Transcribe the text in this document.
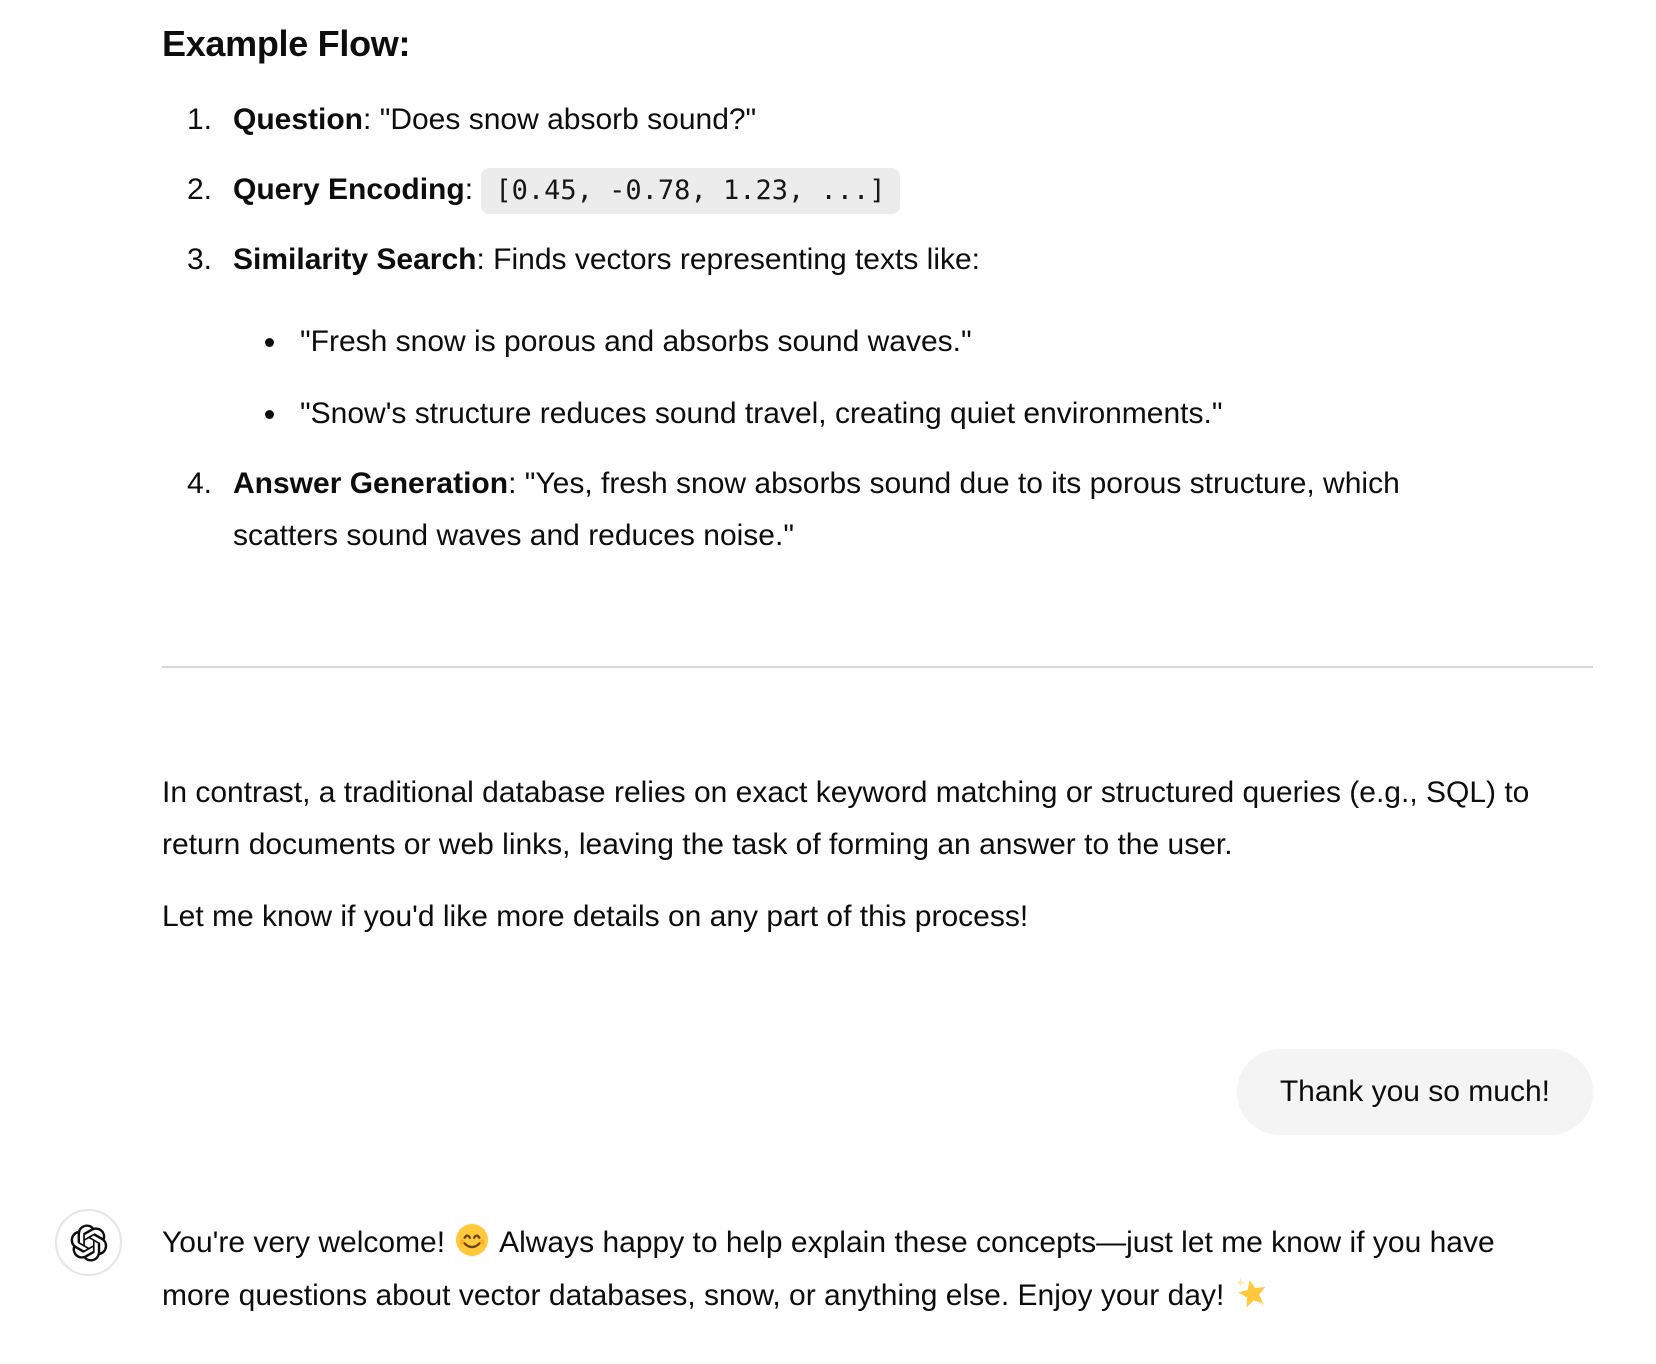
Example Flow:
1. Question: "Does snow absorb sound?"
2. Query Encoding: [0.45, -0.78, 1.23, ...]
3. Similarity Search: Finds vectors representing texts like:
"Fresh snow is porous and absorbs sound waves."
"Snow's structure reduces sound travel, creating quiet environments."
4. Answer Generation: "Yes, fresh snow absorbs sound due to its porous structure, which scatters sound waves and reduces noise."

In contrast, a traditional database relies on exact keyword matching or structured queries (e.g., SQL) to return documents or web links, leaving the task of forming an answer to the user.

Let me know if you'd like more details on any part of this process!

Thank you so much!

You're very welcome! Always happy to help explain these concepts—just let me know if you have more questions about vector databases, snow, or anything else. Enjoy your day!
